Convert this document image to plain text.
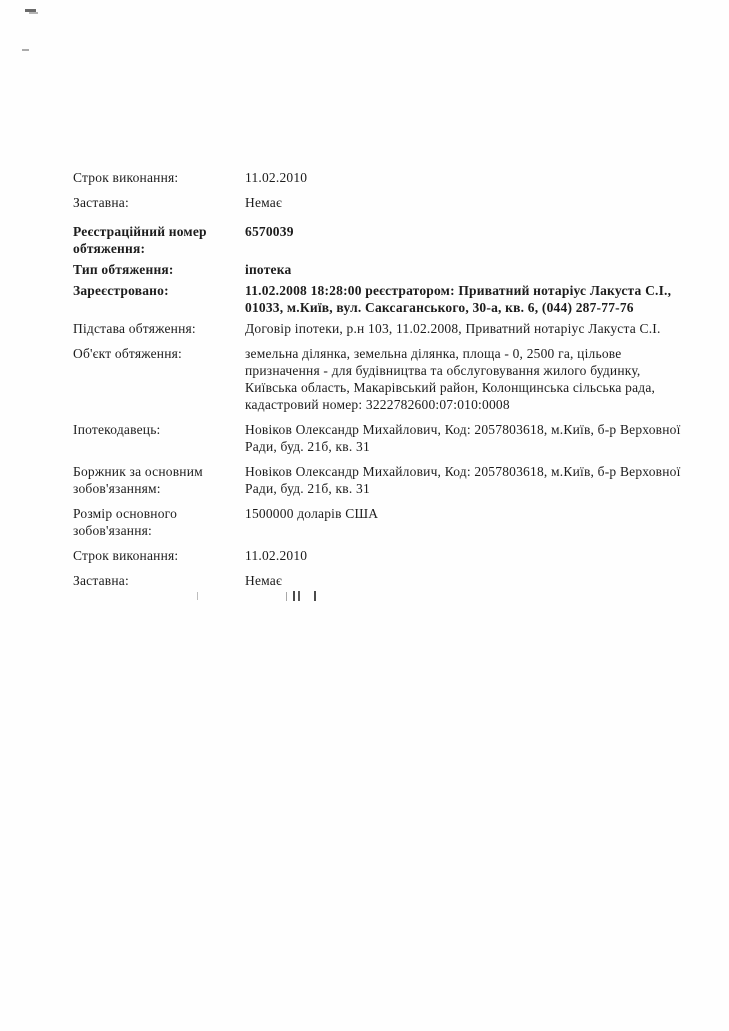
Строк виконання:	11.02.2010
Заставна:	Немає
Реєстраційний номер обтяження:
6570039
Тип обтяження:	іпотека
Зареєстровано:	11.02.2008 18:28:00 реєстратором: Приватний нотаріус Лакуста С.І., 01033, м.Київ, вул. Саксаганського, 30-а, кв. 6, (044) 287-77-76
Підстава обтяження:	Договір іпотеки, р.н 103, 11.02.2008, Приватний нотаріус Лакуста С.І.
Об'єкт обтяження:	земельна ділянка, земельна ділянка, площа - 0, 2500 га, цільове призначення - для будівництва та обслуговування жилого будинку, Київська область, Макарівський район, Колонщинська сільська рада, кадастровий номер: 3222782600:07:010:0008
Іпотекодавець:	Новіков Олександр Михайлович, Код: 2057803618, м.Київ, б-р Верховної Ради, буд. 21б, кв. 31
Боржник за основним зобов'язанням:
Новіков Олександр Михайлович, Код: 2057803618, м.Київ, б-р Верховної Ради, буд. 21б, кв. 31
Розмір основного зобов'язання:
1500000 доларів США
Строк виконання:	11.02.2010
Заставна:	Немає
